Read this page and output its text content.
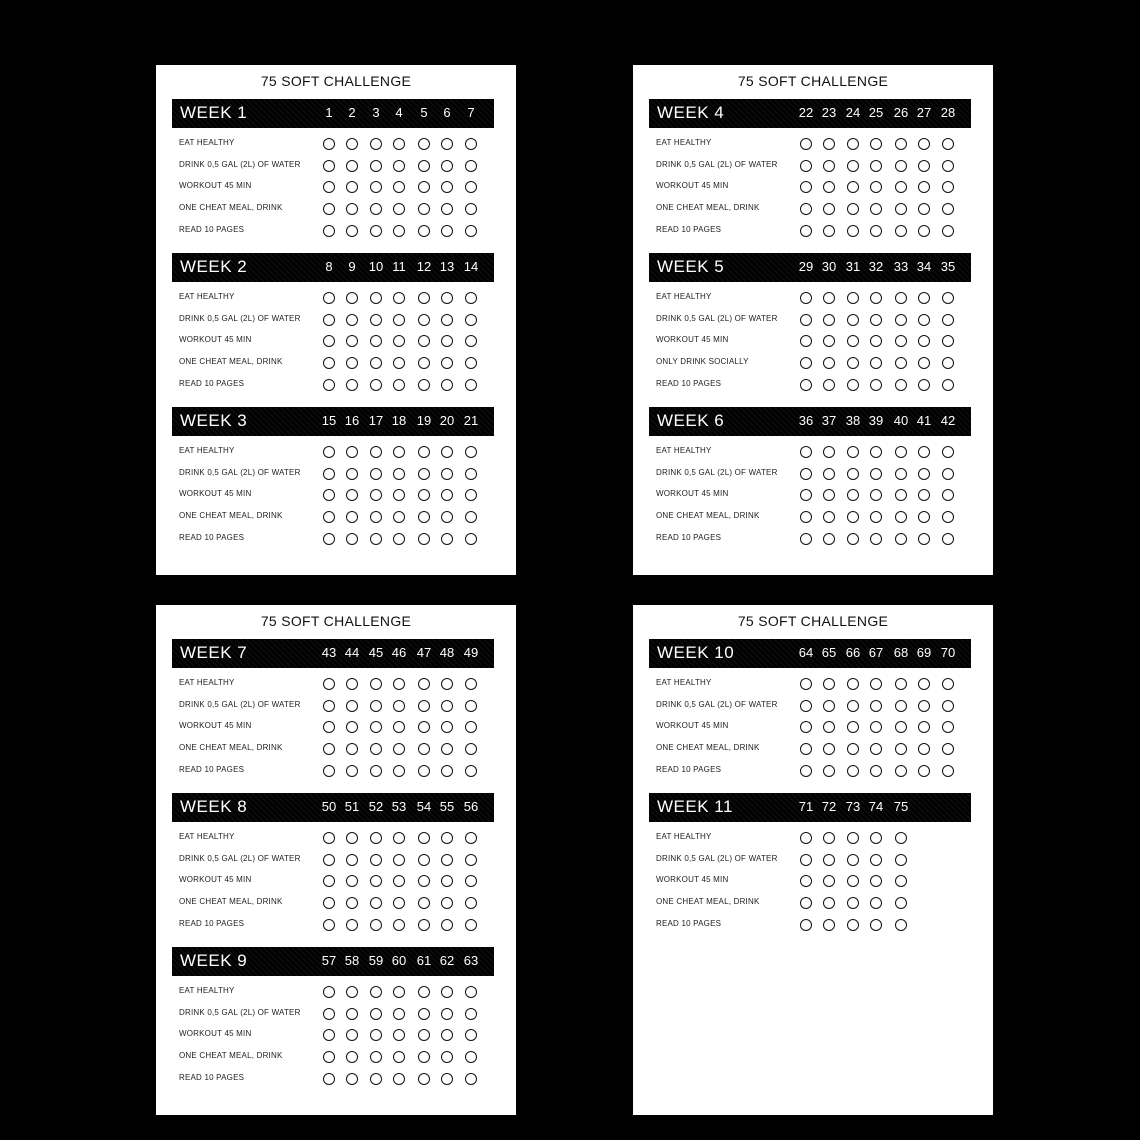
75 SOFT CHALLENGE
WEEK 1	1	2	3	4	5	6	7
EAT HEALTHY
DRINK 0,5 GAL (2L) OF WATER
WORKOUT 45 MIN
ONE CHEAT MEAL, DRINK
READ 10 PAGES
WEEK 2	8	9	10 11 12 13 14
EAT HEALTHY
DRINK 0,5 GAL (2L) OF WATER
WORKOUT 45 MIN
ONE CHEAT MEAL, DRINK
READ 10 PAGES
WEEK 3	15 16 17 18 19 20 21
EAT HEALTHY
DRINK 0,5 GAL (2L) OF WATER
WORKOUT 45 MIN
ONE CHEAT MEAL, DRINK
READ 10 PAGES
75 SOFT CHALLENGE
WEEK 4	22 23 24 25 26 27 28
EAT HEALTHY
DRINK 0,5 GAL (2L) OF WATER
WORKOUT 45 MIN
ONE CHEAT MEAL, DRINK
READ 10 PAGES
WEEK 5	29 30 31 32 33 34 35
EAT HEALTHY
DRINK 0,5 GAL (2L) OF WATER
WORKOUT 45 MIN
ONLY DRINK SOCIALLY
READ 10 PAGES
WEEK 6	36 37 38 39 40 41 42
EAT HEALTHY
DRINK 0,5 GAL (2L) OF WATER
WORKOUT 45 MIN
ONE CHEAT MEAL, DRINK
READ 10 PAGES
75 SOFT CHALLENGE
WEEK 7	43 44 45 46 47 48 49
EAT HEALTHY
DRINK 0,5 GAL (2L) OF WATER
WORKOUT 45 MIN
ONE CHEAT MEAL, DRINK
READ 10 PAGES
WEEK 8	50 51 52 53 54 55 56
EAT HEALTHY
DRINK 0,5 GAL (2L) OF WATER
WORKOUT 45 MIN
ONE CHEAT MEAL, DRINK
READ 10 PAGES
WEEK 9	57 58 59 60 61 62 63
EAT HEALTHY
DRINK 0,5 GAL (2L) OF WATER
WORKOUT 45 MIN
ONE CHEAT MEAL, DRINK
READ 10 PAGES
75 SOFT CHALLENGE
WEEK 10	64 65 66 67 68 69 70
EAT HEALTHY
DRINK 0,5 GAL (2L) OF WATER
WORKOUT 45 MIN
ONE CHEAT MEAL, DRINK
READ 10 PAGES
WEEK 11	71 72 73 74 75
EAT HEALTHY
DRINK 0,5 GAL (2L) OF WATER
WORKOUT 45 MIN
ONE CHEAT MEAL, DRINK
READ 10 PAGES
